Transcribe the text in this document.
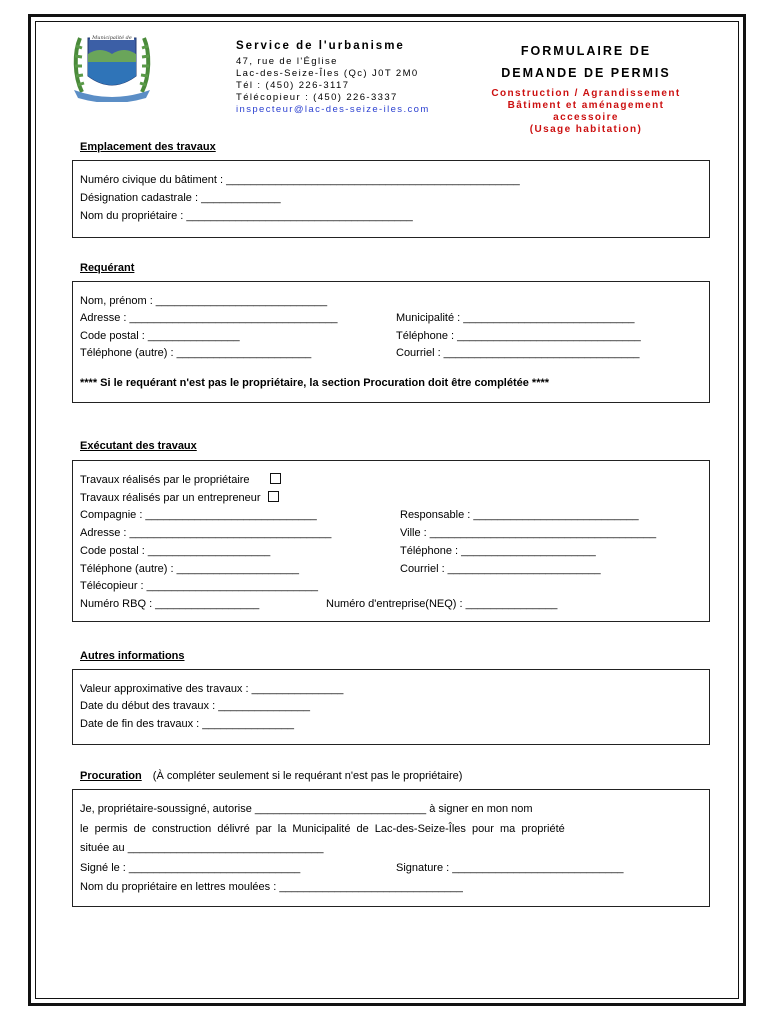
Municipalité de
Service de l'urbanisme
47, rue de l'Église
Lac-des-Seize-Îles (Qc) J0T 2M0
Tél : (450) 226-3117
Télécopieur : (450) 226-3337
inspecteur@lac-des-seize-iles.com
FORMULAIRE DE
DEMANDE DE PERMIS
Construction / Agrandissement
Bâtiment et aménagement
accessoire
(Usage habitation)
Emplacement des travaux
Numéro civique du bâtiment : ________________________________________________
Désignation cadastrale : _____________
Nom du propriétaire : _____________________________________
Requérant
Nom, prénom : ____________________________
Adresse : __________________________________	Municipalité : ____________________________
Code postal : _______________	Téléphone : ______________________________
Téléphone (autre) : ______________________	Courriel : ________________________________
**** Si le requérant n'est pas le propriétaire, la section Procuration doit être complétée ****
Exécutant des travaux
Travaux réalisés par le propriétaire
Travaux réalisés par un entrepreneur
Compagnie : ____________________________	Responsable : ___________________________
Adresse : _________________________________	Ville : _____________________________________
Code postal : ____________________	Téléphone : ______________________
Téléphone (autre) : ____________________	Courriel : _________________________
Télécopieur : ____________________________
Numéro RBQ : _________________	Numéro d'entreprise(NEQ) : _______________
Autres informations
Valeur approximative des travaux : _______________
Date du début des travaux : _______________
Date de fin des travaux : _______________
Procuration (À compléter seulement si le requérant n'est pas le propriétaire)
Je, propriétaire-soussigné, autorise ____________________________ à signer en mon nom
le permis de construction délivré par la Municipalité de Lac-des-Seize-Îles pour ma propriété
située au ________________________________
Signé le : ____________________________	Signature : ____________________________
Nom du propriétaire en lettres moulées : ______________________________
